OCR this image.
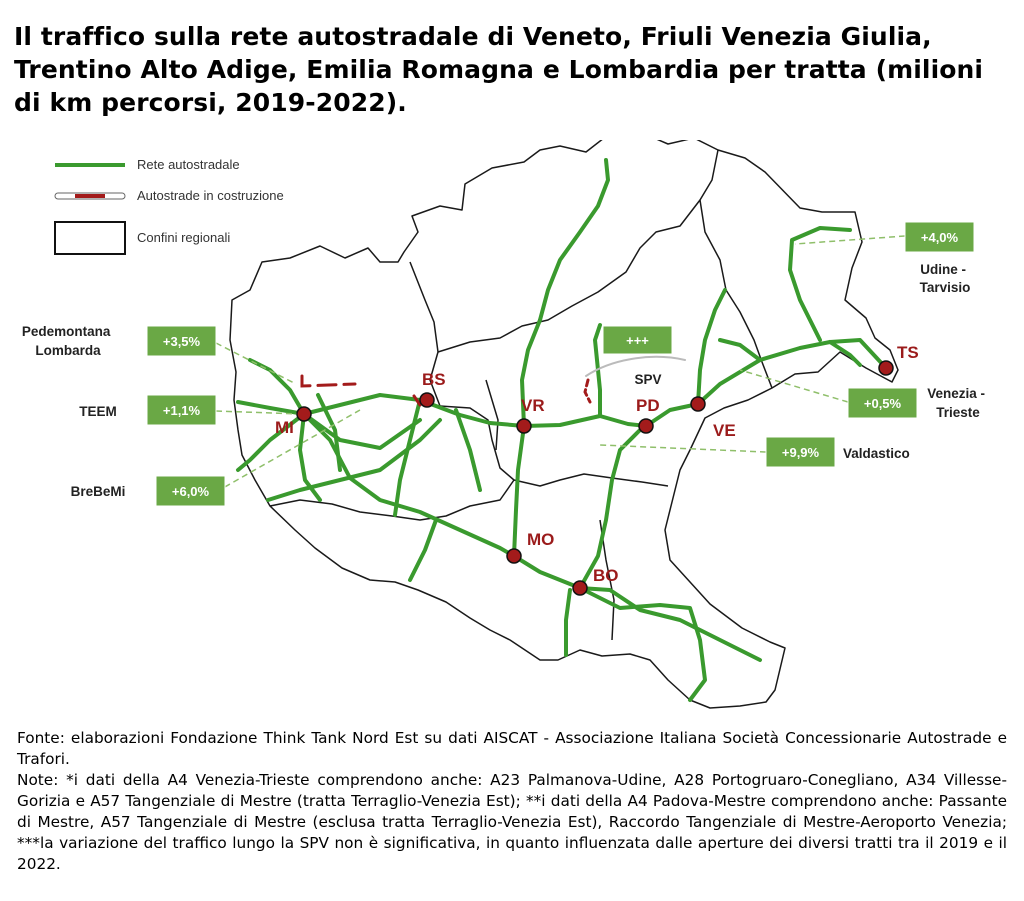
Il traffico sulla rete autostradale di Veneto, Friuli Venezia Giulia, Trentino Alto Adige, Emilia Romagna e Lombardia per tratta (milioni di km percorsi, 2019-2022).
Rete autostradale
Autostrade in costruzione
Confini regionali
+3,5%
+1,1%
+6,0%
+++
+4,0%
+0,5%
+9,9%
Pedemontana Lombarda
TEEM
BreBeMi
SPV
Udine - Tarvisio
Venezia - Trieste
Valdastico
MI
BS
VR	PD
VE
TS
MO
BO

Fonte: elaborazioni Fondazione Think Tank Nord Est su dati AISCAT - Associazione Italiana Società Concessionarie Autostrade e Trafori.

Note: *i dati della A4 Venezia-Trieste comprendono anche: A23 Palmanova-Udine, A28 Portogruaro-Conegliano, A34 Villesse-Gorizia e A57 Tangenziale di Mestre (tratta Terraglio-Venezia Est); **i dati della A4 Padova-Mestre comprendono anche: Passante di Mestre, A57 Tangenziale di Mestre (esclusa tratta Terraglio-Venezia Est), Raccordo Tangenziale di Mestre-Aeroporto Venezia; ***la variazione del traffico lungo la SPV non è significativa, in quanto influenzata dalle aperture dei diversi tratti tra il 2019 e il 2022.
